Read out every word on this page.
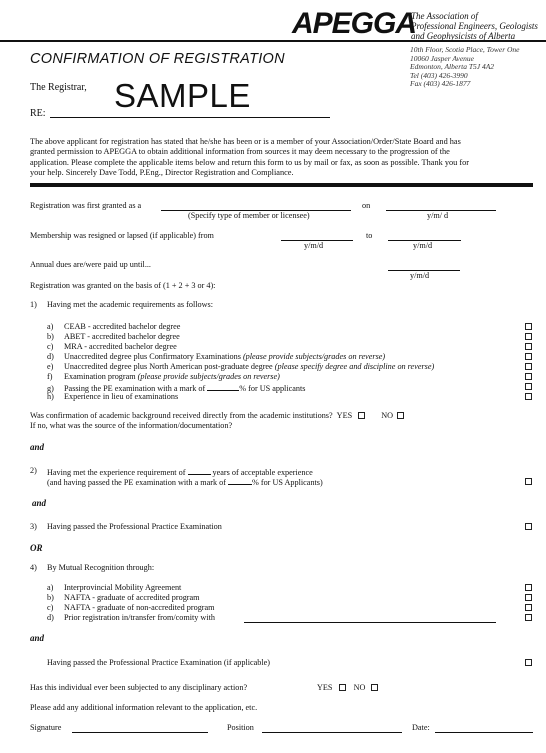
APEGGA
The Association of
Professional Engineers, Geologists
and Geophysicists of Alberta
CONFIRMATION OF REGISTRATION
10th Floor, Scotia Place, Tower One
10060 Jasper Avenue
Edmonton, Alberta T5J 4A2
Tel (403) 426-3990
Fax (403) 426-1877
The Registrar, SAMPLE
RE:
The above applicant for registration has stated that he/she has been or is a member of your Association/Order/State Board and has
granted permission to APEGGA to obtain additional information from sources it may deem necessary to the progression of the
application. Please complete the applicable items below and return this form to us by mail or fax, as soon as possible. Thank you for
your help. Sincerely Dave Todd, P.Eng., Director Registration and Compliance.
Registration was first granted as a	on
(Specify type of member or licensee)	y/m/ d
Membership was resigned or lapsed (if applicable) from	to
y/m/d	y/m/d
Annual dues are/were paid up until...
y/m/d
Registration was granted on the basis of (1 + 2 + 3 or 4):
1) Having met the academic requirements as follows:
a) CEAB - accredited bachelor degree
b) ABET - accredited bachelor degree
c) MRA - accredited bachelor degree
d) Unaccredited degree plus Confirmatory Examinations (please provide subjects/grades on reverse)
e) Unaccredited degree plus North American post-graduate degree (please specify degree and discipline on reverse)
f) Examination program (please provide subjects/grades on reverse)
g) Passing the PE examination with a mark of	% for US applicants
h) Experience in lieu of examinations
Was confirmation of academic background received directly from the academic institutions? YES	NO
If no, what was the source of the information/documentation?
and
2) Having met the experience requirement of	years of acceptable experience
(and having passed the PE examination with a mark of	% for US Applicants)
and
3) Having passed the Professional Practice Examination
OR
4) By Mutual Recognition through:
a) Interprovincial Mobility Agreement
b) NAFTA - graduate of accredited program
c) NAFTA - graduate of non-accredited program
d) Prior registration in/transfer from/comity with
and
Having passed the Professional Practice Examination (if applicable)
Has this individual ever been subjected to any disciplinary action?	YES	NO
Please add any additional information relevant to the application, etc.
Signature	Position	Date:
